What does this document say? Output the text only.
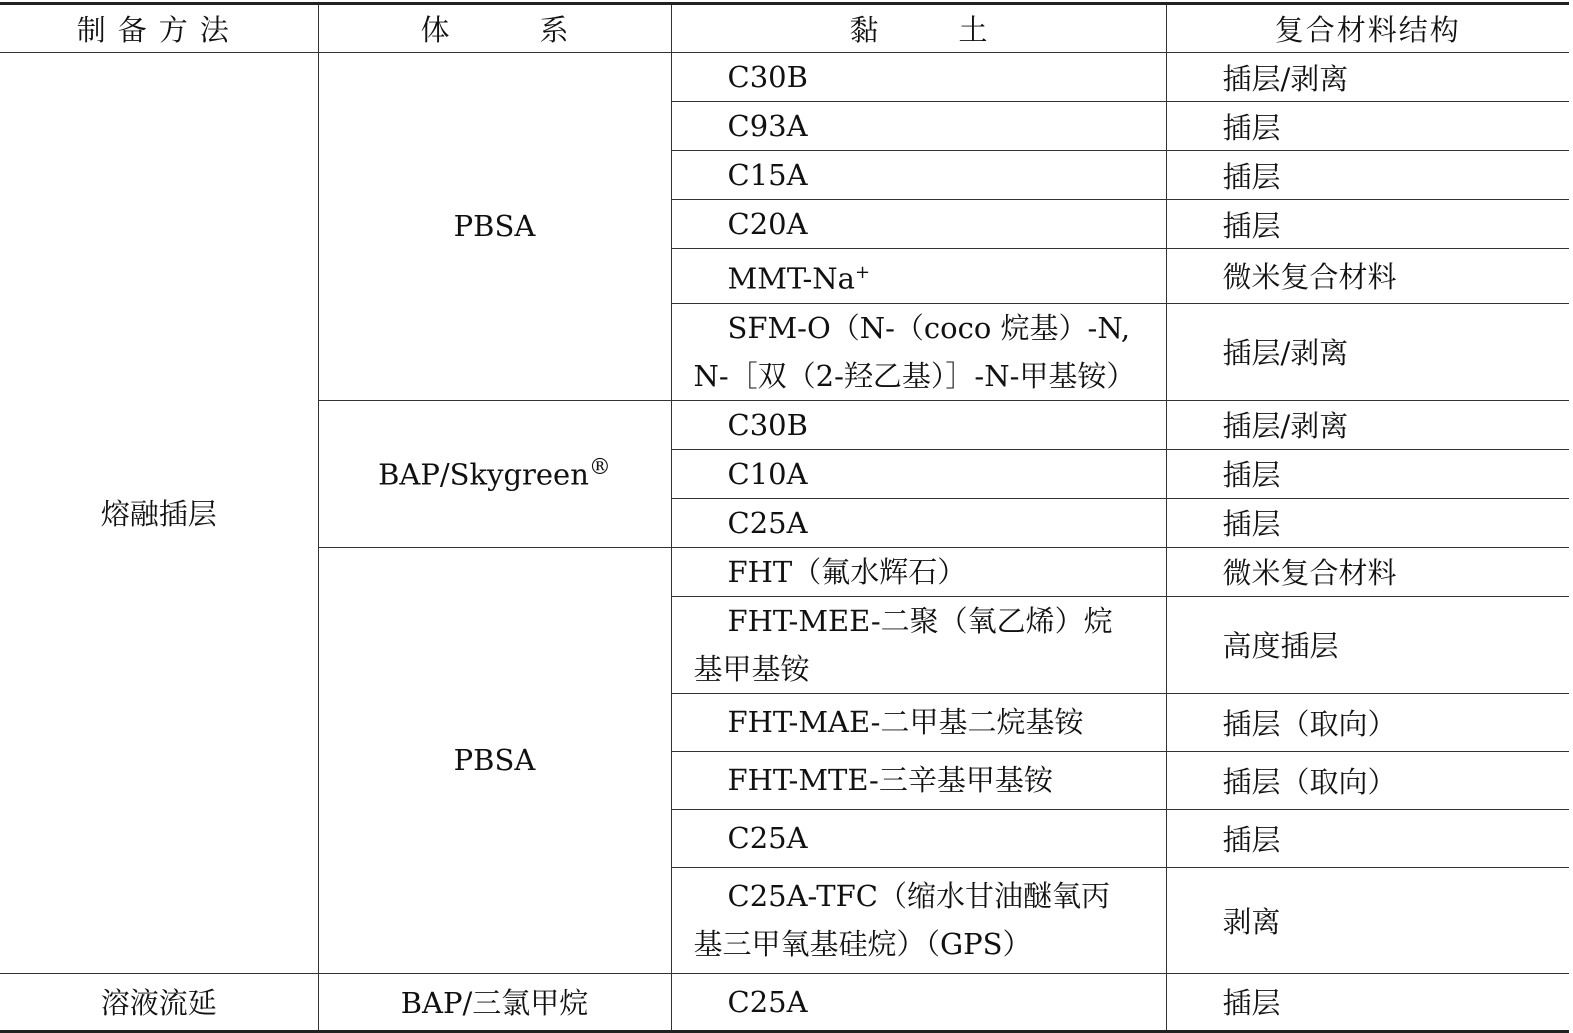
制备方法	体系	黏土	复合材料结构
熔融插层	PBSA	C30B	插层/剥离
		C93A	插层
		C15A	插层
		C20A	插层
		MMT-Na+	微米复合材料
		SFM-O（N-（coco 烷基）-N,
N-［双（2-羟乙基）］-N-甲基铵）	插层/剥离
	BAP/Skygreen®	C30B	插层/剥离
		C10A	插层
		C25A	插层
	PBSA	FHT（氟水辉石）	微米复合材料
		FHT-MEE-二聚（氧乙烯）烷
基甲基铵	高度插层
		FHT-MAE-二甲基二烷基铵	插层（取向）
		FHT-MTE-三辛基甲基铵	插层（取向）
		C25A	插层
		C25A-TFC（缩水甘油醚氧丙
基三甲氧基硅烷）（GPS）	剥离
溶液流延	BAP/三氯甲烷	C25A	插层
